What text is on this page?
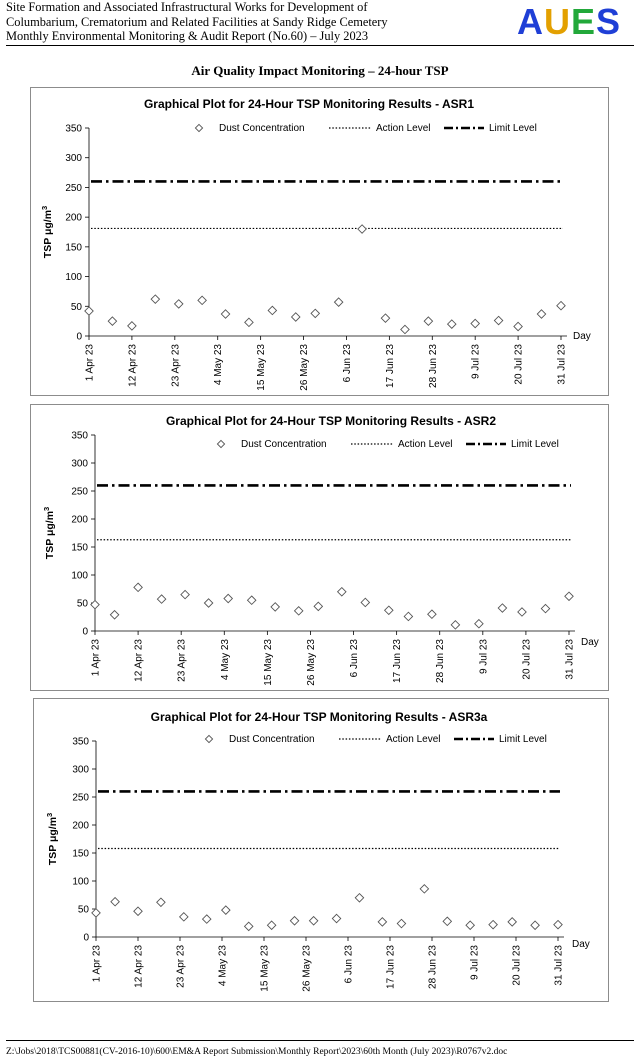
Site Formation and Associated Infrastructural Works for Development of
Columbarium, Crematorium and Related Facilities at Sandy Ridge Cemetery
Monthly Environmental Monitoring & Audit Report (No.60) – July 2023	AUES
Air Quality Impact Monitoring – 24-hour TSP
Graphical Plot for 24-Hour TSP Monitoring Results - ASR1
0
50
100
150
200
250
300
350
1 Apr 23	12 Apr 23	23 Apr 23	4 May 23	15 May 23	26 May 23	6 Jun 23	17 Jun 23	28 Jun 23	9 Jul 23	20 Jul 23	31 Jul 23
Day
TSP $\mu g/m^3$
Dust Concentration	Action Level	Limit Level
Graphical Plot for 24-Hour TSP Monitoring Results - ASR2
0
50
100
150
200
250
300
350
1 Apr 23	12 Apr 23	23 Apr 23	4 May 23	15 May 23	26 May 23	6 Jun 23	17 Jun 23	28 Jun 23	9 Jul 23	20 Jul 23	31 Jul 23 Day
TSP $\mu g/m^3$
Dust Concentration	Action Level	Limit Level
Graphical Plot for 24-Hour TSP Monitoring Results - ASR3a
0
50
100
150
200
250
300
350
1 Apr 23	12 Apr 23	23 Apr 23	4 May 23	15 May 23	26 May 23	6 Jun 23	17 Jun 23	28 Jun 23	9 Jul 23	20 Jul 23	31 Jul 23
Day
TSP $\mu g/m^3$
Dust Concentration	Action Level	Limit Level
Z:\Jobs\2018\TCS00881(CV-2016-10)\600\EM&A Report Submission\Monthly Report\2023\60th Month (July 2023)\R0767v2.doc
